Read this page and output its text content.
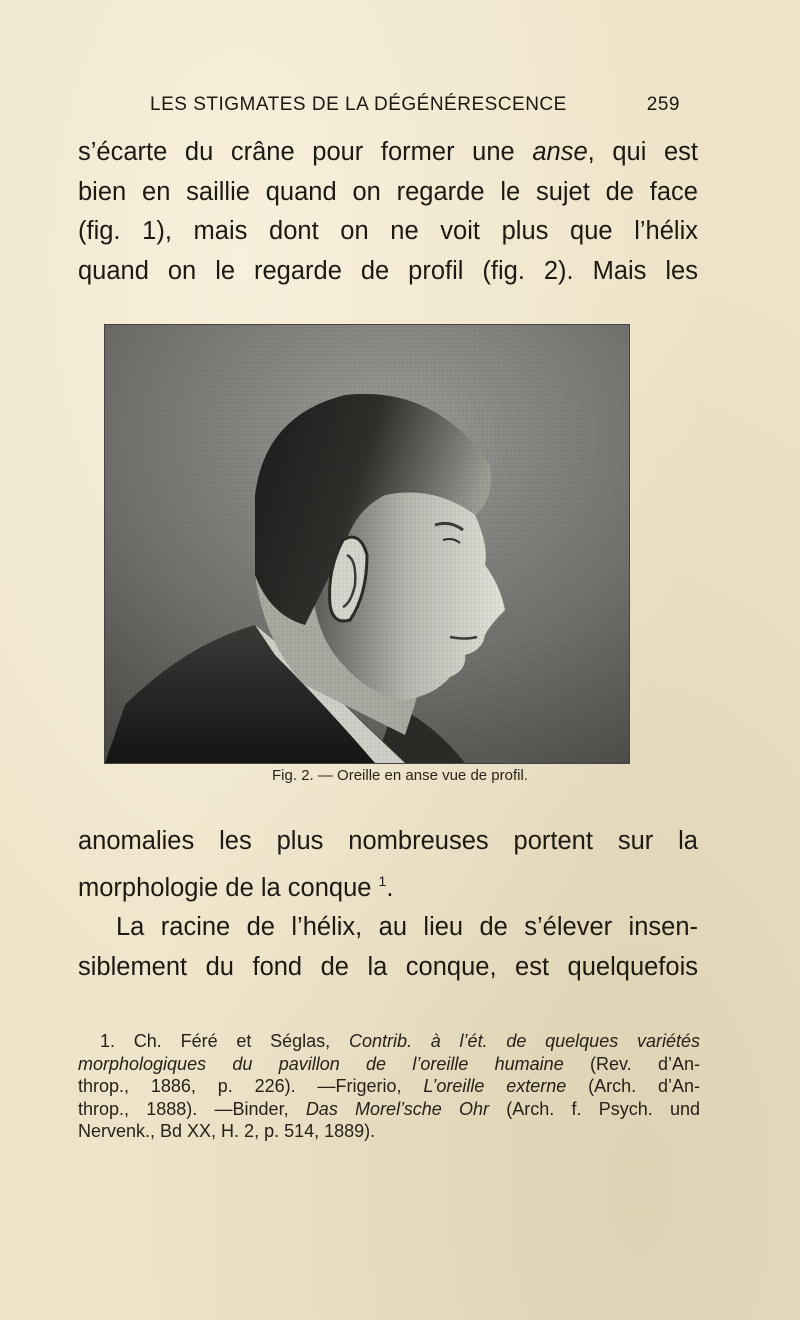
LES STIGMATES DE LA DÉGÉNÉRESCENCE	259

s’écarte du crâne pour former une anse, qui est
bien en saillie quand on regarde le sujet de face
(fig. 1), mais dont on ne voit plus que l’hélix
quand on le regarde de profil (fig. 2). Mais les

Fig. 2. — Oreille en anse vue de profil.

anomalies les plus nombreuses portent sur la
morphologie de la conque $^1$.
La racine de l’hélix, au lieu de s’élever insen-
siblement du fond de la conque, est quelquefois

1. Ch. Féré et Séglas, Contrib. à l’ét. de quelques variétés
morphologiques du pavillon de l’oreille humaine (Rev. d’An-
throp., 1886, p. 226). —Frigerio, L’oreille externe (Arch. d’An-
throp., 1888). —Binder, Das Morel’sche Ohr (Arch. f. Psych. und
Nervenk., Bd XX, H. 2, p. 514, 1889).
